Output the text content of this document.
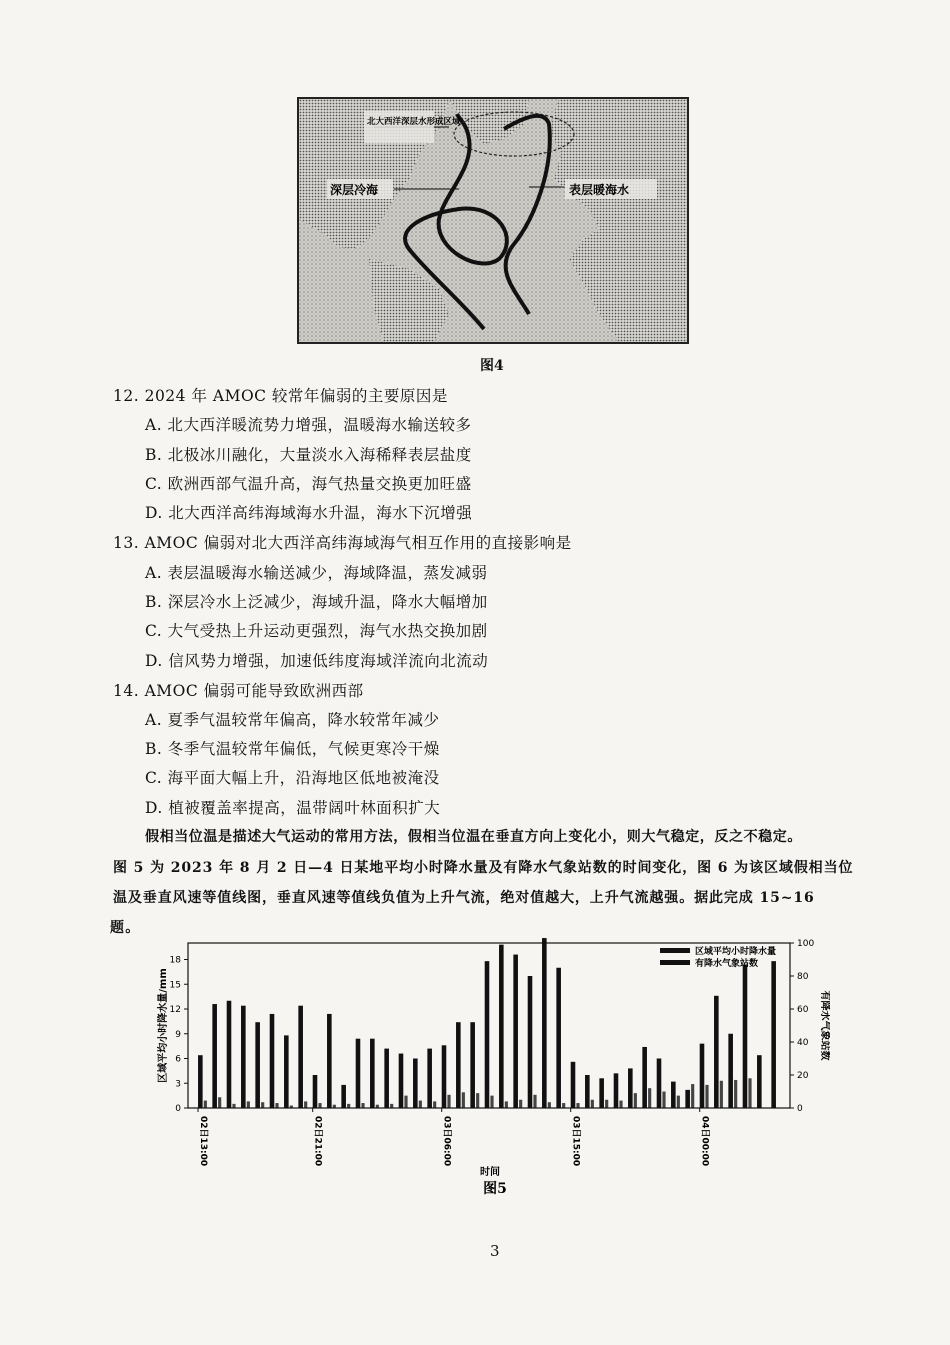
北大西洋深层水形成区域
深层冷海	表层暖海水
图4
12. 2024 年 AMOC 较常年偏弱的主要原因是
A. 北大西洋暖流势力增强，温暖海水输送较多
B. 北极冰川融化，大量淡水入海稀释表层盐度
C. 欧洲西部气温升高，海气热量交换更加旺盛
D. 北大西洋高纬海域海水升温，海水下沉增强
13. AMOC 偏弱对北大西洋高纬海域海气相互作用的直接影响是
A. 表层温暖海水输送减少，海域降温，蒸发减弱
B. 深层冷水上泛减少，海域升温，降水大幅增加
C. 大气受热上升运动更强烈，海气水热交换加剧
D. 信风势力增强，加速低纬度海域洋流向北流动
14. AMOC 偏弱可能导致欧洲西部
A. 夏季气温较常年偏高，降水较常年减少
B. 冬季气温较常年偏低，气候更寒冷干燥
C. 海平面大幅上升，沿海地区低地被淹没
D. 植被覆盖率提高，温带阔叶林面积扩大
假相当位温是描述大气运动的常用方法，假相当位温在垂直方向上变化小，则大气稳定，反之不稳定。
图 5 为 2023 年 8 月 2 日—4 日某地平均小时降水量及有降水气象站数的时间变化，图 6 为该区域假相当位
温及垂直风速等值线图，垂直风速等值线负值为上升气流，绝对值越大，上升气流越强。据此完成 15~16
题。
0
3
6
9
12
15
18
0
20
40
60
80
100
02日13:00	02日21:00	03日06:00	03日15:00	04日00:00
区域平均小时降水量/mm	有降水气象站数
时间
图5
区域平均小时降水量
有降水气象站数
3
